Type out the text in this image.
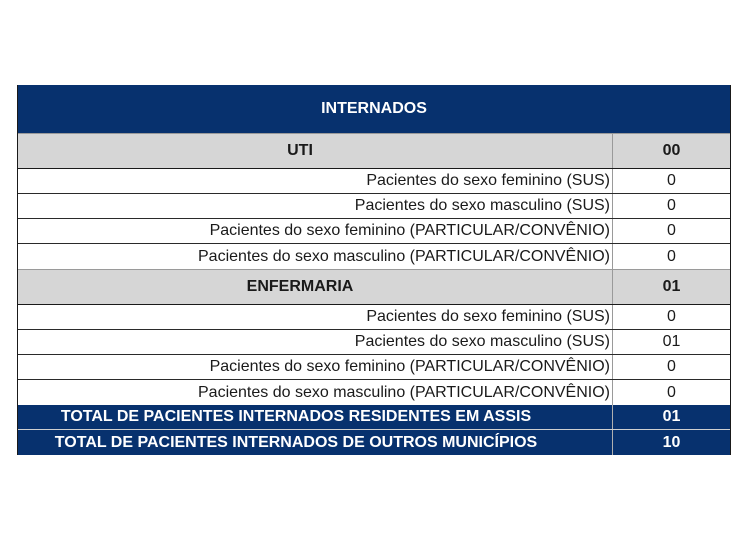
INTERNADOS
UTI	00
Pacientes do sexo feminino (SUS)	0
Pacientes do sexo masculino (SUS)	0
Pacientes do sexo feminino (PARTICULAR/CONVÊNIO)	0
Pacientes do sexo masculino (PARTICULAR/CONVÊNIO)	0
ENFERMARIA	01
Pacientes do sexo feminino (SUS)	0
Pacientes do sexo masculino (SUS)	01
Pacientes do sexo feminino (PARTICULAR/CONVÊNIO)	0
Pacientes do sexo masculino (PARTICULAR/CONVÊNIO)	0
TOTAL DE PACIENTES INTERNADOS RESIDENTES EM ASSIS	01
TOTAL DE PACIENTES INTERNADOS DE OUTROS MUNICÍPIOS	10
